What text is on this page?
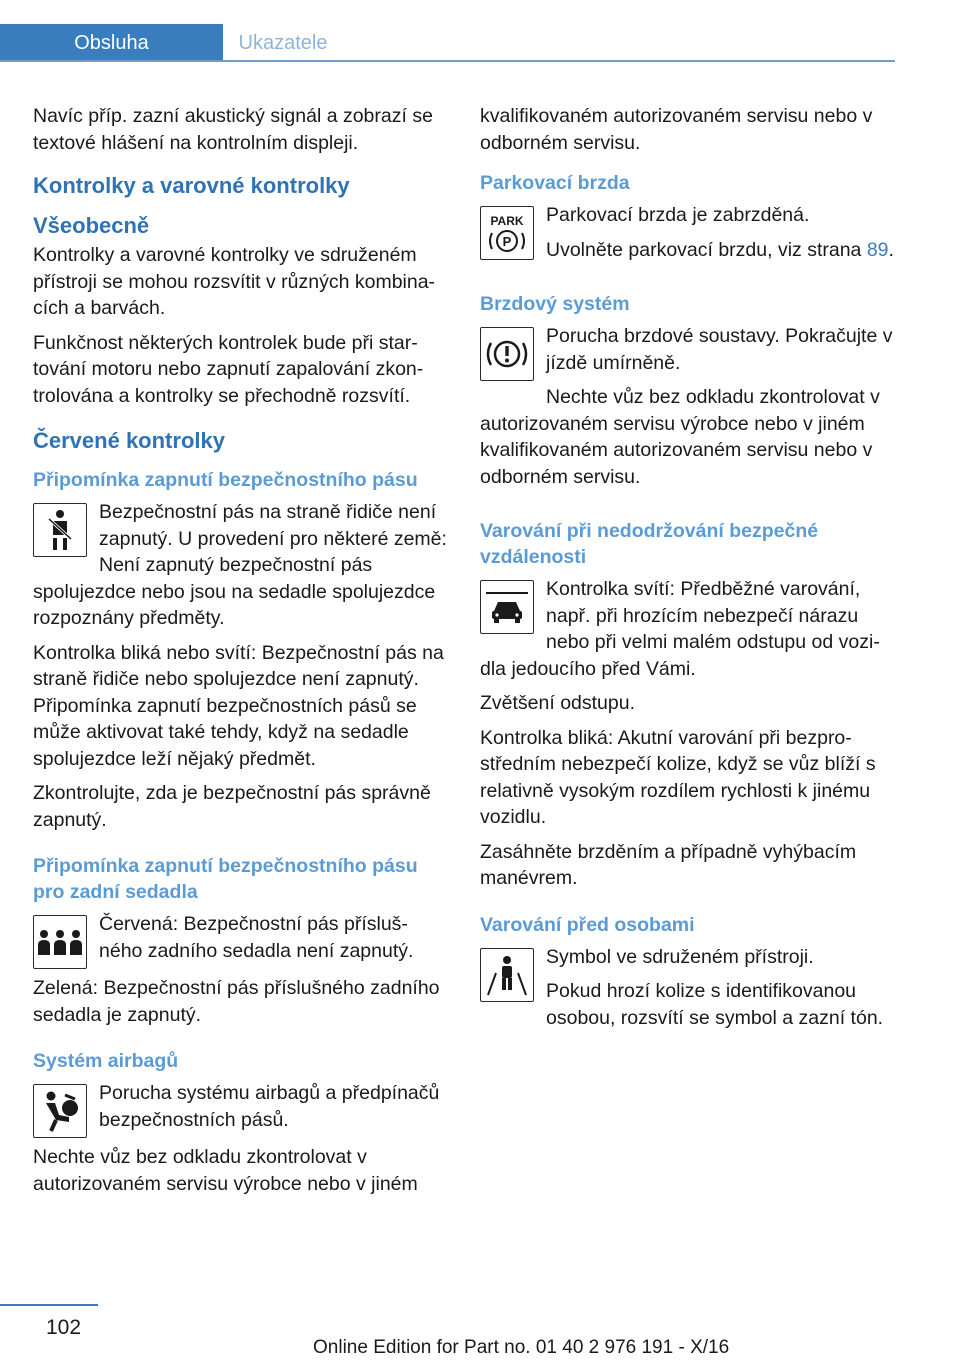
Obsluha	Ukazatele

Navíc příp. zazní akustický signál a zobrazí se textové hlášení na kontrolním displeji.

Kontrolky a varovné kontrolky
Všeobecně

Kontrolky a varovné kontrolky ve sdruženém přístroji se mohou rozsvítit v různých kombina‐cích a barvách.

Funkčnost některých kontrolek bude při star‐tování motoru nebo zapnutí zapalování zkon‐trolována a kontrolky se přechodně rozsvítí.

Červené kontrolky
Připomínka zapnutí bezpečnostního pásu

Bezpečnostní pás na straně řidiče není zapnutý. U provedení pro některé země: Není zapnutý bezpečnostní pás spolujezdce nebo jsou na sedadle spolujezdce rozpoznány předměty.

Kontrolka bliká nebo svítí: Bezpečnostní pás na straně řidiče nebo spolujezdce není zapnutý. Připomínka zapnutí bezpečnostních pásů se může aktivovat také tehdy, když na sedadle spolujezdce leží nějaký předmět.

Zkontrolujte, zda je bezpečnostní pás správně zapnutý.

Připomínka zapnutí bezpečnostního pásu pro zadní sedadla

Červená: Bezpečnostní pás přísluš‐ného zadního sedadla není zapnutý.

Zelená: Bezpečnostní pás příslušného zadního sedadla je zapnutý.

Systém airbagů

Porucha systému airbagů a předpínačů bezpečnostních pásů.

Nechte vůz bez odkladu zkontrolovat v autorizovaném servisu výrobce nebo v jiném

kvalifikovaném autorizovaném servisu nebo v odborném servisu.

Parkovací brzda
PARK
P

Parkovací brzda je zabrzděná.

Uvolněte parkovací brzdu, viz strana 89.

Brzdový systém

Porucha brzdové soustavy. Pokračujte v jízdě umírněně.

Nechte vůz bez odkladu zkontrolovat v autorizovaném servisu výrobce nebo v jiném kvalifikovaném autorizovaném servisu nebo v odborném servisu.

Varování při nedodržování bezpečné vzdálenosti

Kontrolka svítí: Předběžné varování, např. při hrozícím nebezpečí nárazu nebo při velmi malém odstupu od vozi‐dla jedoucího před Vámi.

Zvětšení odstupu.

Kontrolka bliká: Akutní varování při bezpro‐středním nebezpečí kolize, když se vůz blíží s relativně vysokým rozdílem rychlosti k jinému vozidlu.

Zasáhněte brzděním a případně vyhýbacím manévrem.

Varování před osobami

Symbol ve sdruženém přístroji.

Pokud hrozí kolize s identifikovanou osobou, rozsvítí se symbol a zazní tón.

102
Online Edition for Part no. 01 40 2 976 191 - X/16
